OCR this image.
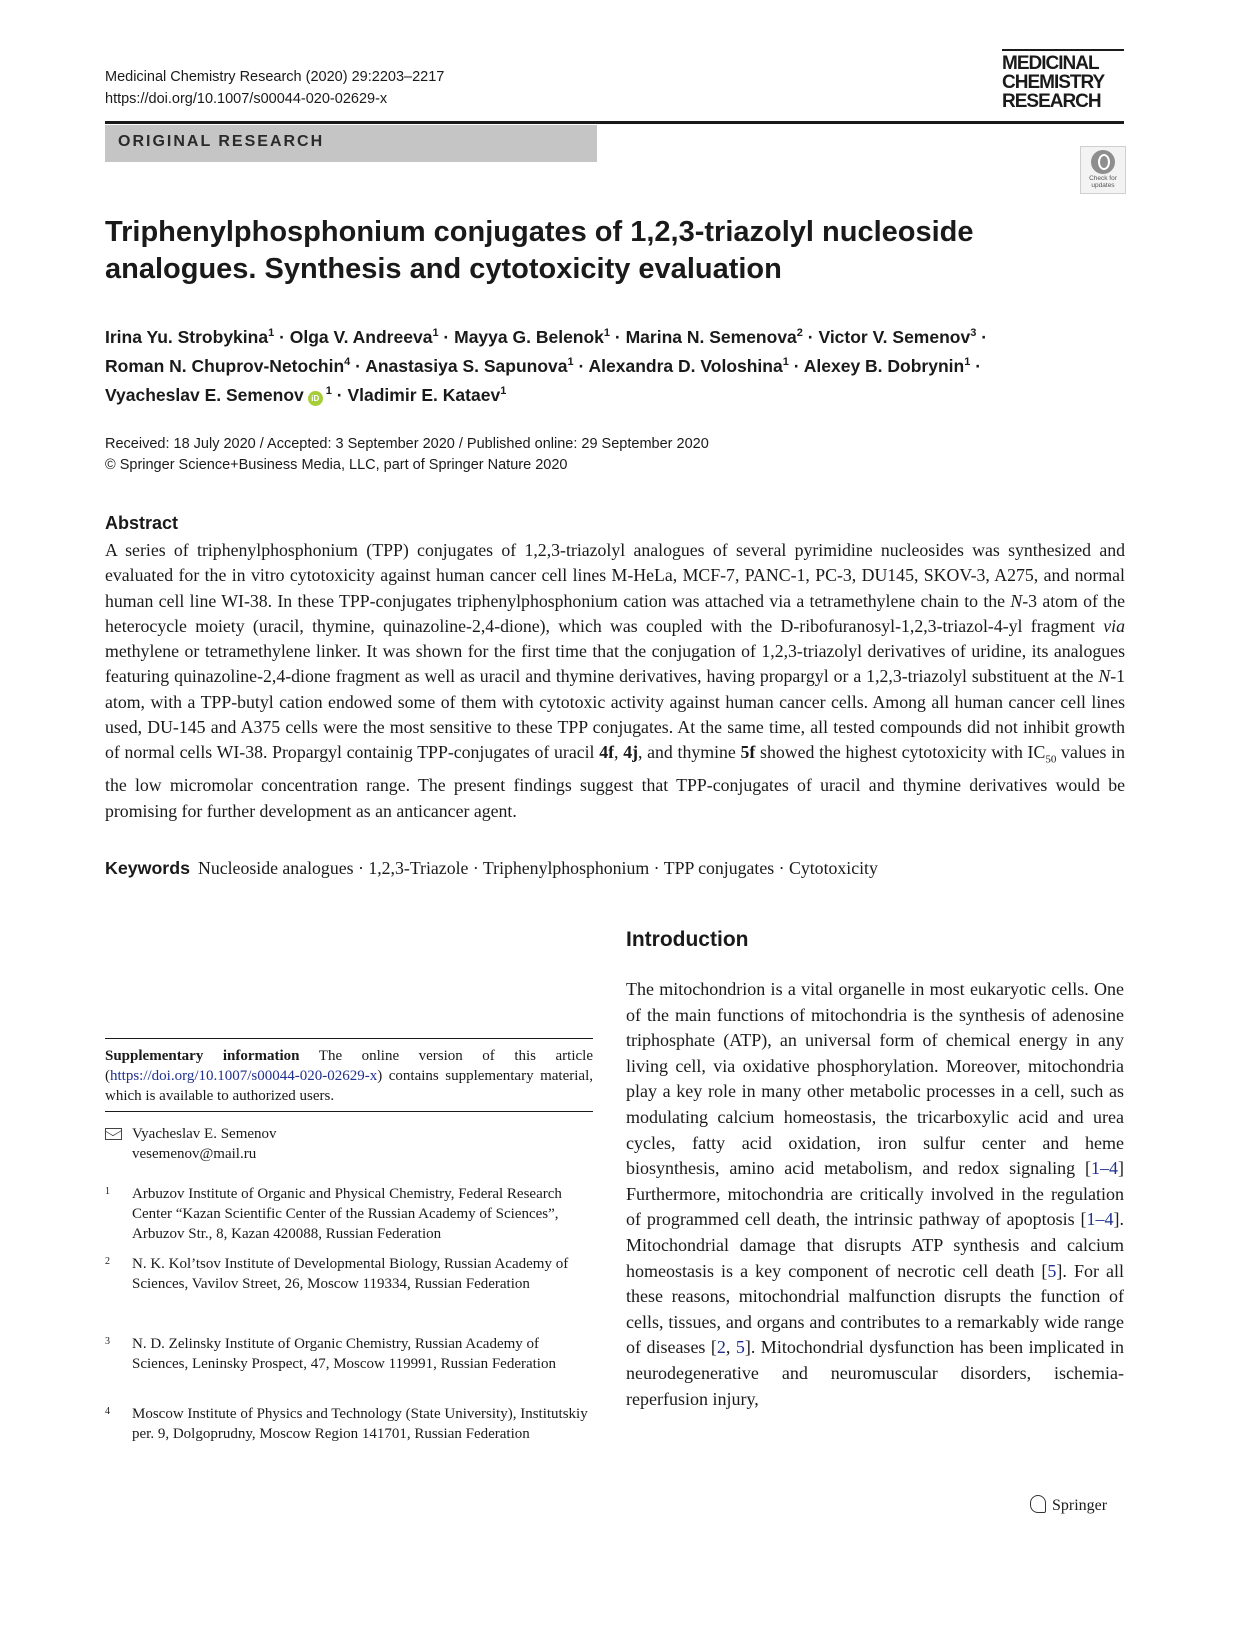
Medicinal Chemistry Research (2020) 29:2203–2217
https://doi.org/10.1007/s00044-020-02629-x
MEDICINAL
CHEMISTRY
RESEARCH
ORIGINAL RESEARCH
Check for
updates
Triphenylphosphonium conjugates of 1,2,3-triazolyl nucleoside
analogues. Synthesis and cytotoxicity evaluation
Irina Yu. Strobykina$^1$ · Olga V. Andreeva$^1$ · Mayya G. Belenok$^1$ · Marina N. Semenova$^2$ · Victor V. Semenov$^3$ ·
Roman N. Chuprov-Netochin$^4$ · Anastasiya S. Sapunova$^1$ · Alexandra D. Voloshina$^1$ · Alexey B. Dobrynin$^1$ ·
Vyacheslav E. Semenov $iD^1$ · Vladimir E. Kataev$^1$
Received: 18 July 2020 / Accepted: 3 September 2020 / Published online: 29 September 2020
© Springer Science+Business Media, LLC, part of Springer Nature 2020
Abstract

A series of triphenylphosphonium (TPP) conjugates of 1,2,3-triazolyl analogues of several pyrimidine nucleosides was synthesized and evaluated for the in vitro cytotoxicity against human cancer cell lines M-HeLa, MCF-7, PANC-1, PC-3, DU145, SKOV-3, A275, and normal human cell line WI-38. In these TPP-conjugates triphenylphosphonium cation was attached via a tetramethylene chain to the N-3 atom of the heterocycle moiety (uracil, thymine, quinazoline-2,4-dione), which was coupled with the D-ribofuranosyl-1,2,3-triazol-4-yl fragment via methylene or tetramethylene linker. It was shown for the first time that the conjugation of 1,2,3-triazolyl derivatives of uridine, its analogues featuring quinazoline-2,4-dione fragment as well as uracil and thymine derivatives, having propargyl or a 1,2,3-triazolyl substituent at the N-1 atom, with a TPP-butyl cation endowed some of them with cytotoxic activity against human cancer cells. Among all human cancer cell lines used, DU-145 and A375 cells were the most sensitive to these TPP conjugates. At the same time, all tested compounds did not inhibit growth of normal cells WI-38. Propargyl containig TPP-conjugates of uracil 4f, 4j, and thymine 5f showed the highest cytotoxicity with $IC_{50}$ values in the low micromolar concentration range. The present findings suggest that TPP-conjugates of uracil and thymine derivatives would be promising for further development as an anticancer agent.

Keywords Nucleoside analogues · 1,2,3-Triazole · Triphenylphosphonium · TPP conjugates · Cytotoxicity

Supplementary information The online version of this article (https://doi.org/10.1007/s00044-020-02629-x) contains supplementary material, which is available to authorized users.

Vyacheslav E. Semenov
vesemenov@mail.ru
1 Arbuzov Institute of Organic and Physical Chemistry, Federal Research Center “Kazan Scientific Center of the Russian Academy of Sciences”, Arbuzov Str., 8, Kazan 420088, Russian Federation
2 N. K. Kol’tsov Institute of Developmental Biology, Russian Academy of Sciences, Vavilov Street, 26, Moscow 119334, Russian Federation
3 N. D. Zelinsky Institute of Organic Chemistry, Russian Academy of Sciences, Leninsky Prospect, 47, Moscow 119991, Russian Federation
4 Moscow Institute of Physics and Technology (State University), Institutskiy per. 9, Dolgoprudny, Moscow Region 141701, Russian Federation
Introduction

The mitochondrion is a vital organelle in most eukaryotic cells. One of the main functions of mitochondria is the synthesis of adenosine triphosphate (ATP), an universal form of chemical energy in any living cell, via oxidative phosphorylation. Moreover, mitochondria play a key role in many other metabolic processes in a cell, such as modulating calcium homeostasis, the tricarboxylic acid and urea cycles, fatty acid oxidation, iron sulfur center and heme biosynthesis, amino acid metabolism, and redox signaling [1–4] Furthermore, mitochondria are critically involved in the regulation of programmed cell death, the intrinsic pathway of apoptosis [1–4]. Mitochondrial damage that disrupts ATP synthesis and calcium homeostasis is a key component of necrotic cell death [5]. For all these reasons, mitochondrial malfunction disrupts the function of cells, tissues, and organs and contributes to a remarkably wide range of diseases [2, 5]. Mitochondrial dysfunction has been implicated in neurodegenerative and neuromuscular disorders, ischemia-reperfusion injury,

Springer
